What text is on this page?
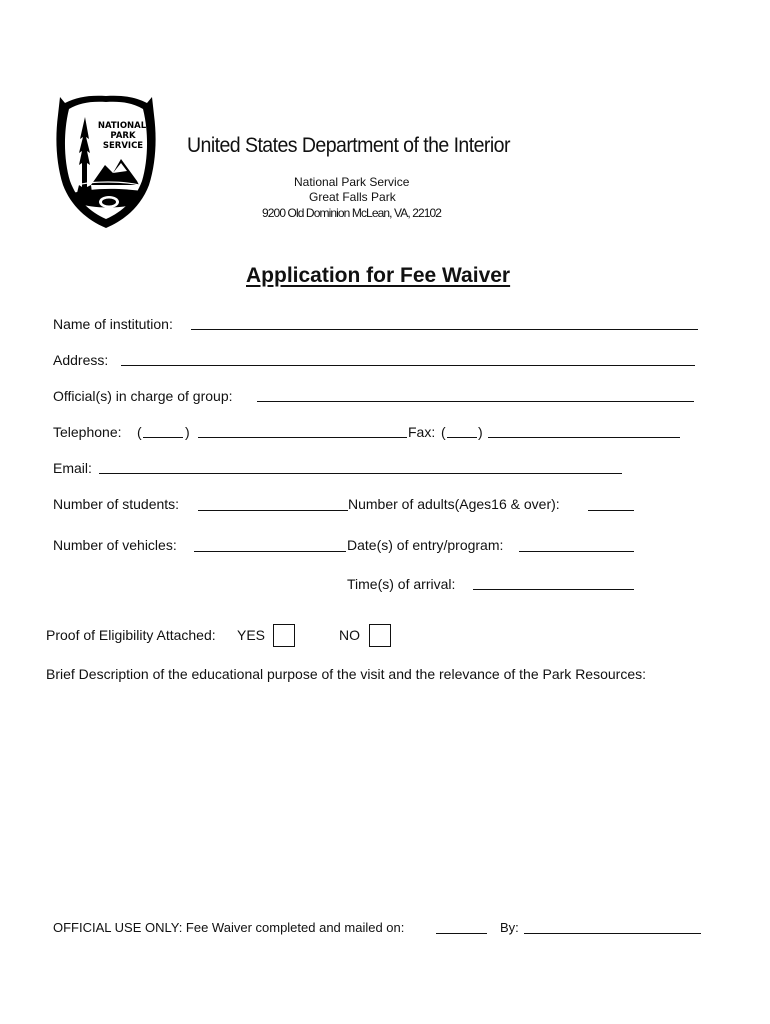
NATIONAL
PARK
SERVICE United States Department of the Interior
National Park Service
Great Falls Park
9200 Old Dominion McLean, VA, 22102
Application for Fee Waiver
Name of institution:
Address:
Official(s) in charge of group:
Telephone: (	)	Fax: ( )
Email:
Number of students:	Number of adults(Ages16 & over):
Number of vehicles:	Date(s) of entry/program:
Time(s) of arrival:
Proof of Eligibility Attached: YES	NO
Brief Description of the educational purpose of the visit and the relevance of the Park Resources:
OFFICIAL USE ONLY: Fee Waiver completed and mailed on:	By:
